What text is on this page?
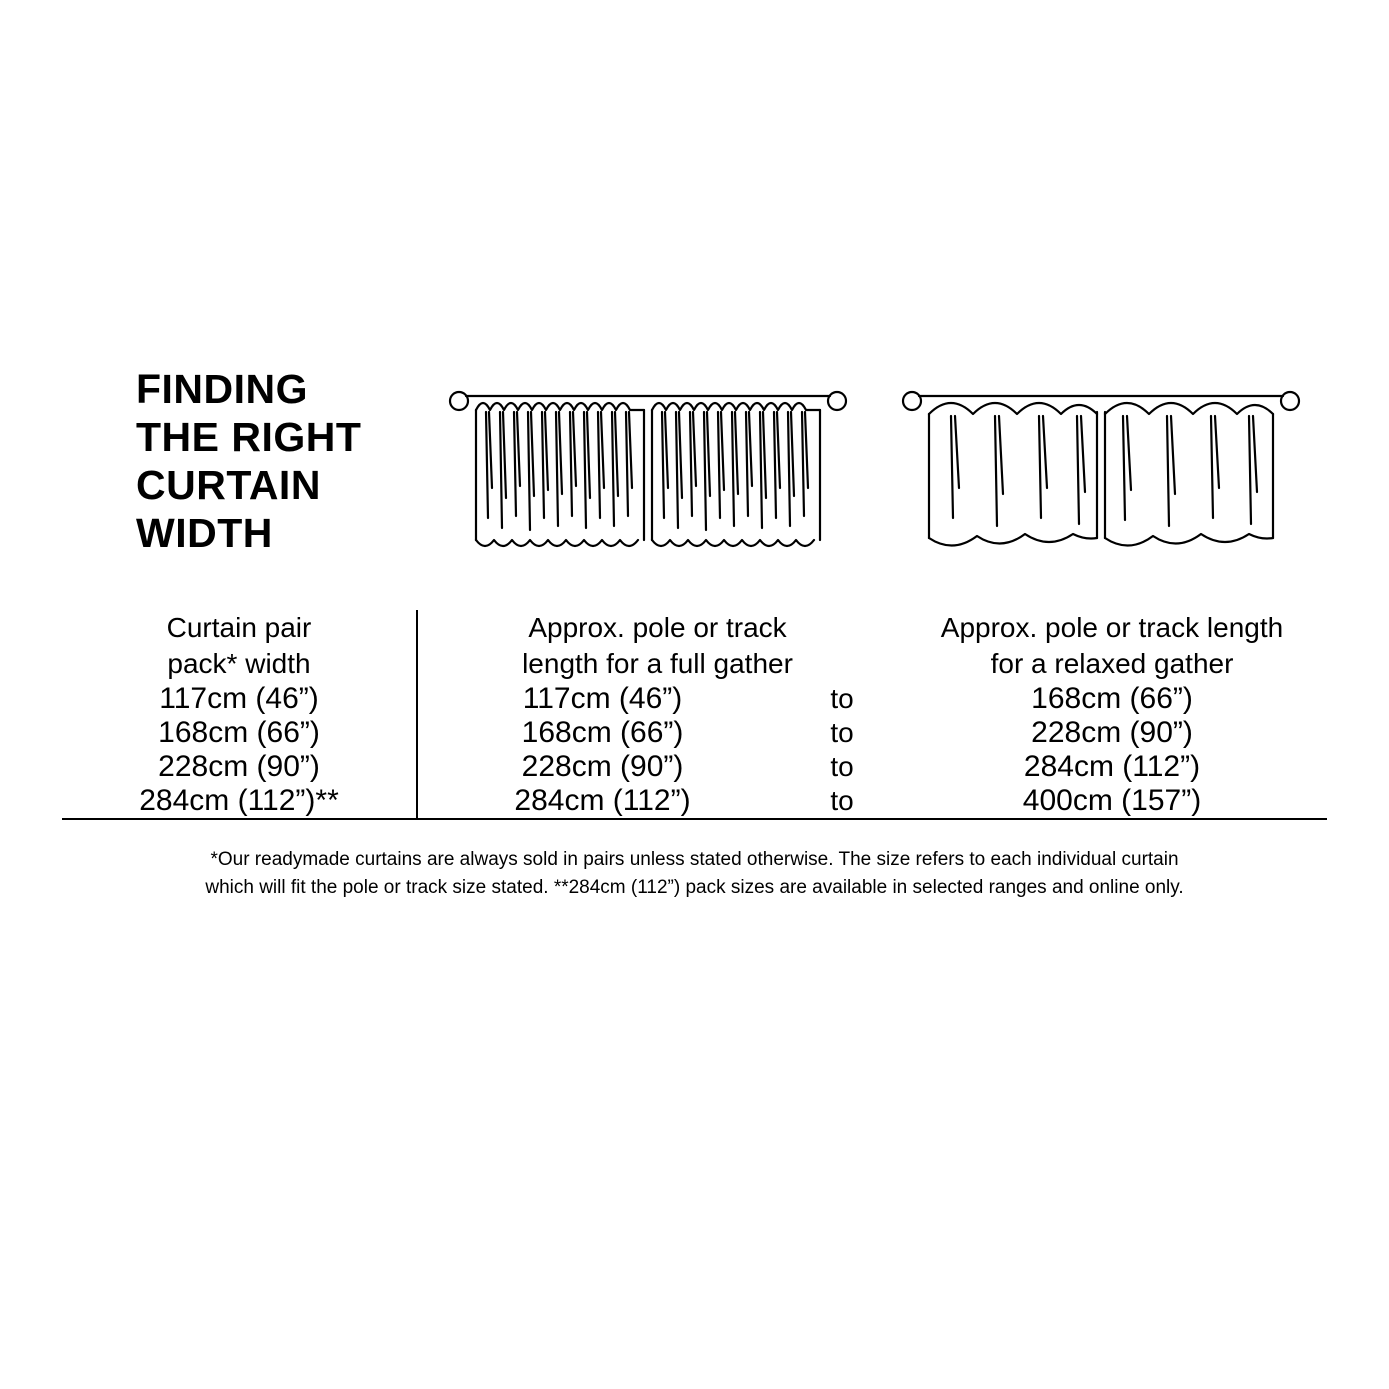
FINDING
THE RIGHT
CURTAIN
WIDTH
Curtain pair
pack* width

Approx. pole or track
length for a full gather

Approx. pole or track length
for a relaxed gather

117cm (46”)	117cm (46”)	to	168cm (66”)
168cm (66”)	168cm (66”)	to	228cm (90”)
228cm (90”)	228cm (90”)	to	284cm (112”)
284cm (112”)**	284cm (112”)	to	400cm (157”)
*Our readymade curtains are always sold in pairs unless stated otherwise. The size refers to each individual curtain
which will fit the pole or track size stated. **284cm (112”) pack sizes are available in selected ranges and online only.
